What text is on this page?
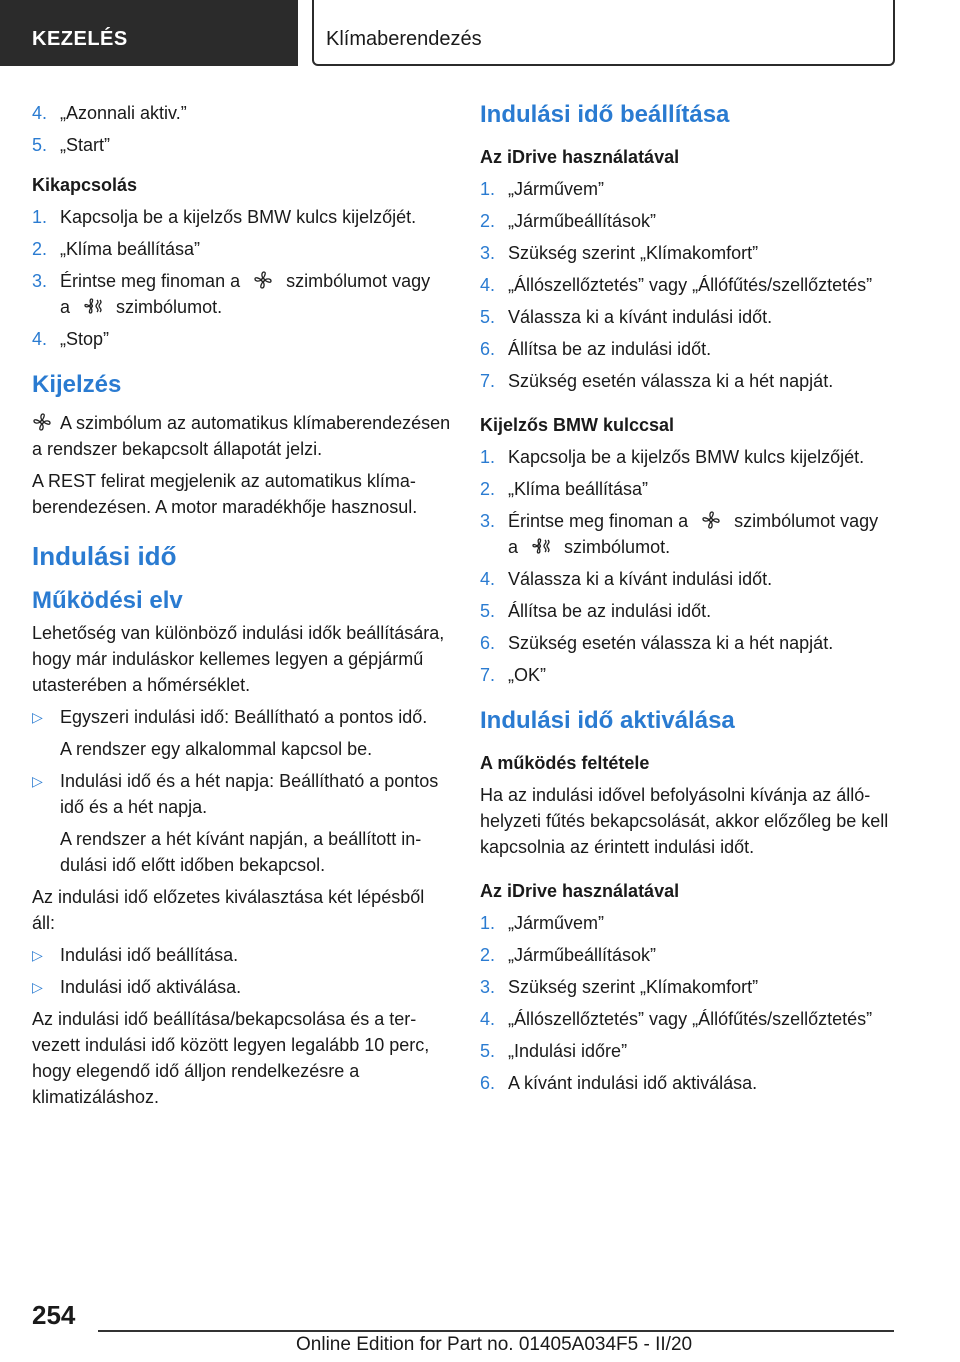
KEZELÉS	Klímaberendezés
4. „Azonnali aktiv.”
5. „Start”
Kikapcsolás
1. Kapcsolja be a kijelzős BMW kulcs kijelzőjét.
2. „Klíma beállítása”
3. Érintse meg finoman a	szimbólumot vagy
a	szimbólumot.
4. „Stop”
Kijelzés
A szimbólum az automatikus klímaberendezésen a rendszer bekapcsolt állapotát jelzi.
A REST felirat megjelenik az automatikus klímaberendezésen. A motor maradékhője hasznosul.
Indulási idő
Működési elv
Lehetőség van különböző indulási idők beállítására, hogy már induláskor kellemes legyen a gépjármű utasterében a hőmérséklet.
▷ Egyszeri indulási idő: Beállítható a pontos idő.
A rendszer egy alkalommal kapcsol be.
▷ Indulási idő és a hét napja: Beállítható a pontos idő és a hét napja.
A rendszer a hét kívánt napján, a beállított indulási idő előtt időben bekapcsol.
Az indulási idő előzetes kiválasztása két lépésből áll:
▷ Indulási idő beállítása.
▷ Indulási idő aktiválása.
Az indulási idő beállítása/bekapcsolása és a tervezett indulási idő között legyen legalább 10 perc, hogy elegendő idő álljon rendelkezésre a klimatizáláshoz.
Indulási idő beállítása
Az iDrive használatával
1. „Járművem”
2. „Járműbeállítások”
3. Szükség szerint „Klímakomfort”
4. „Állószellőztetés” vagy „Állófűtés/szellőztetés”
5. Válassza ki a kívánt indulási időt.
6. Állítsa be az indulási időt.
7. Szükség esetén válassza ki a hét napját.
Kijelzős BMW kulccsal
1. Kapcsolja be a kijelzős BMW kulcs kijelzőjét.
2. „Klíma beállítása”
3. Érintse meg finoman a	szimbólumot vagy
a	szimbólumot.
4. Válassza ki a kívánt indulási időt.
5. Állítsa be az indulási időt.
6. Szükség esetén válassza ki a hét napját.
7. „OK”
Indulási idő aktiválása
A működés feltétele
Ha az indulási idővel befolyásolni kívánja az állóhelyzeti fűtés bekapcsolását, akkor előzőleg be kell kapcsolnia az érintett indulási időt.
Az iDrive használatával
1. „Járművem”
2. „Járműbeállítások”
3. Szükség szerint „Klímakomfort”
4. „Állószellőztetés” vagy „Állófűtés/szellőztetés”
5. „Indulási időre”
6. A kívánt indulási idő aktiválása.
254
Online Edition for Part no. 01405A034F5 - II/20
